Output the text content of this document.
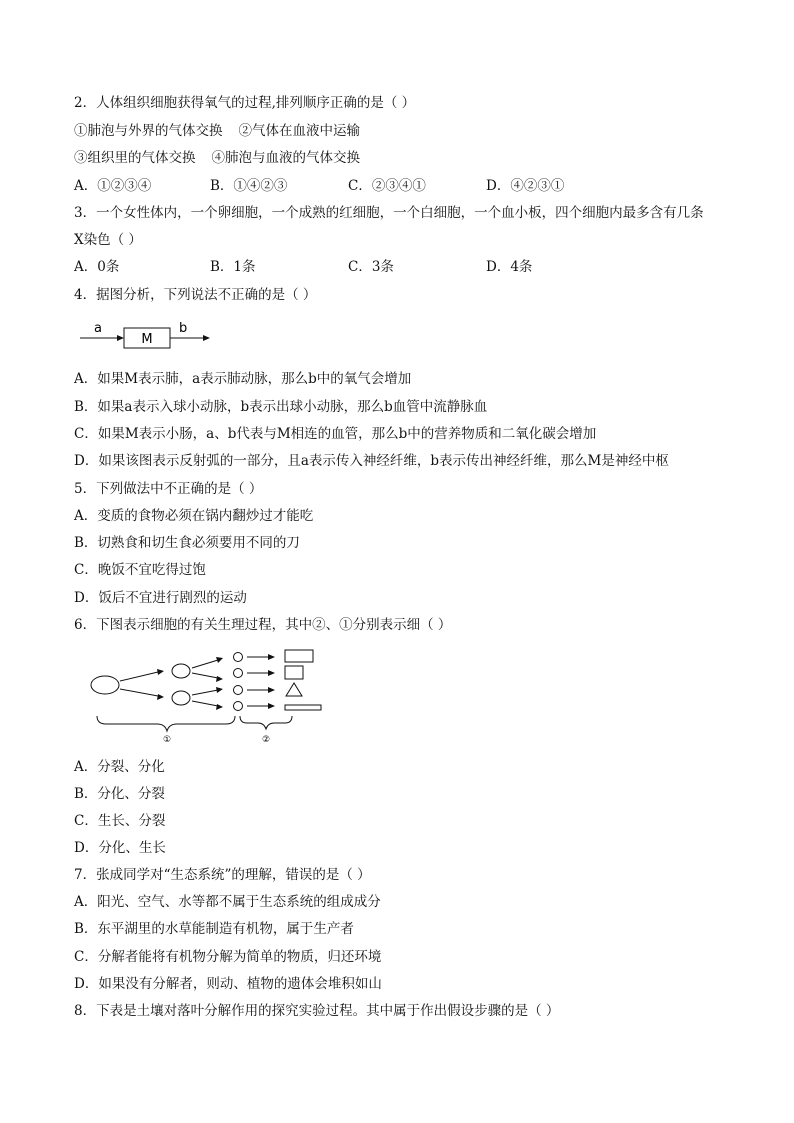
2．人体组织细胞获得氧气的过程,排列顺序正确的是（ ）
①肺泡与外界的气体交换 ②气体在血液中运输
③组织里的气体交换 ④肺泡与血液的气体交换
A．①②③④	B．①④②③	C．②③④①	D．④②③①
3．一个女性体内，一个卵细胞，一个成熟的红细胞，一个白细胞，一个血小板，四个细胞内最多含有几条
X染色（ ）
A．0条	B．1条	C．3条	D．4条
4．据图分析，下列说法不正确的是（ ）
a
M
b
A．如果M表示肺，a表示肺动脉，那么b中的氧气会增加
B．如果a表示入球小动脉，b表示出球小动脉，那么b血管中流静脉血
C．如果M表示小肠，a、b代表与M相连的血管，那么b中的营养物质和二氧化碳会增加
D．如果该图表示反射弧的一部分，且a表示传入神经纤维，b表示传出神经纤维，那么M是神经中枢
5．下列做法中不正确的是（ ）
A．变质的食物必须在锅内翻炒过才能吃
B．切熟食和切生食必须要用不同的刀
C．晚饭不宜吃得过饱
D．饭后不宜进行剧烈的运动
6．下图表示细胞的有关生理过程，其中②、①分别表示细（ ）
①	②
A．分裂、分化
B．分化、分裂
C．生长、分裂
D．分化、生长
7．张成同学对“生态系统”的理解，错误的是（ ）
A．阳光、空气、水等都不属于生态系统的组成成分
B．东平湖里的水草能制造有机物，属于生产者
C．分解者能将有机物分解为简单的物质，归还环境
D．如果没有分解者，则动、植物的遗体会堆积如山
8．下表是土壤对落叶分解作用的探究实验过程。其中属于作出假设步骤的是（ ）
